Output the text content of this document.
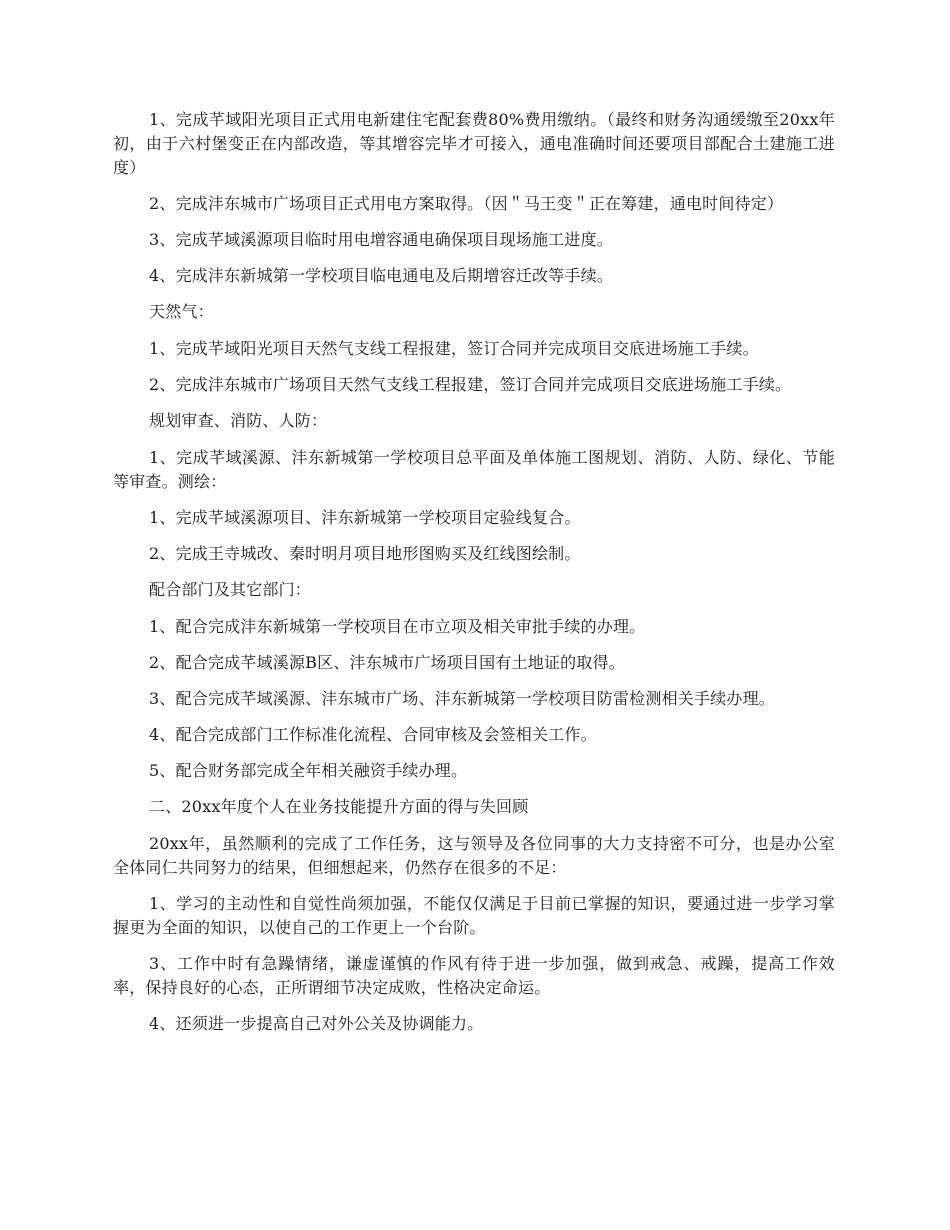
1、完成芊域阳光项目正式用电新建住宅配套费80%费用缴纳。（最终和财务沟通缓缴至20xx年初，由于六村堡变正在内部改造，等其增容完毕才可接入，通电准确时间还要项目部配合土建施工进度）

2、完成沣东城市广场项目正式用电方案取得。（因＂马王变＂正在筹建，通电时间待定）

3、完成芊域溪源项目临时用电增容通电确保项目现场施工进度。

4、完成沣东新城第一学校项目临电通电及后期增容迁改等手续。

天然气：

1、完成芊域阳光项目天然气支线工程报建，签订合同并完成项目交底进场施工手续。

2、完成沣东城市广场项目天然气支线工程报建，签订合同并完成项目交底进场施工手续。

规划审查、消防、人防：

1、完成芊域溪源、沣东新城第一学校项目总平面及单体施工图规划、消防、人防、绿化、节能等审查。测绘：

1、完成芊域溪源项目、沣东新城第一学校项目定验线复合。

2、完成王寺城改、秦时明月项目地形图购买及红线图绘制。

配合部门及其它部门：

1、配合完成沣东新城第一学校项目在市立项及相关审批手续的办理。

2、配合完成芊域溪源B区、沣东城市广场项目国有土地证的取得。

3、配合完成芊域溪源、沣东城市广场、沣东新城第一学校项目防雷检测相关手续办理。

4、配合完成部门工作标准化流程、合同审核及会签相关工作。

5、配合财务部完成全年相关融资手续办理。

二、20xx年度个人在业务技能提升方面的得与失回顾

20xx年，虽然顺利的完成了工作任务，这与领导及各位同事的大力支持密不可分，也是办公室全体同仁共同努力的结果，但细想起来，仍然存在很多的不足：

1、学习的主动性和自觉性尚须加强，不能仅仅满足于目前已掌握的知识，要通过进一步学习掌握更为全面的知识，以使自己的工作更上一个台阶。

3、工作中时有急躁情绪，谦虚谨慎的作风有待于进一步加强，做到戒急、戒躁，提高工作效率，保持良好的心态，正所谓细节决定成败，性格决定命运。

4、还须进一步提高自己对外公关及协调能力。
